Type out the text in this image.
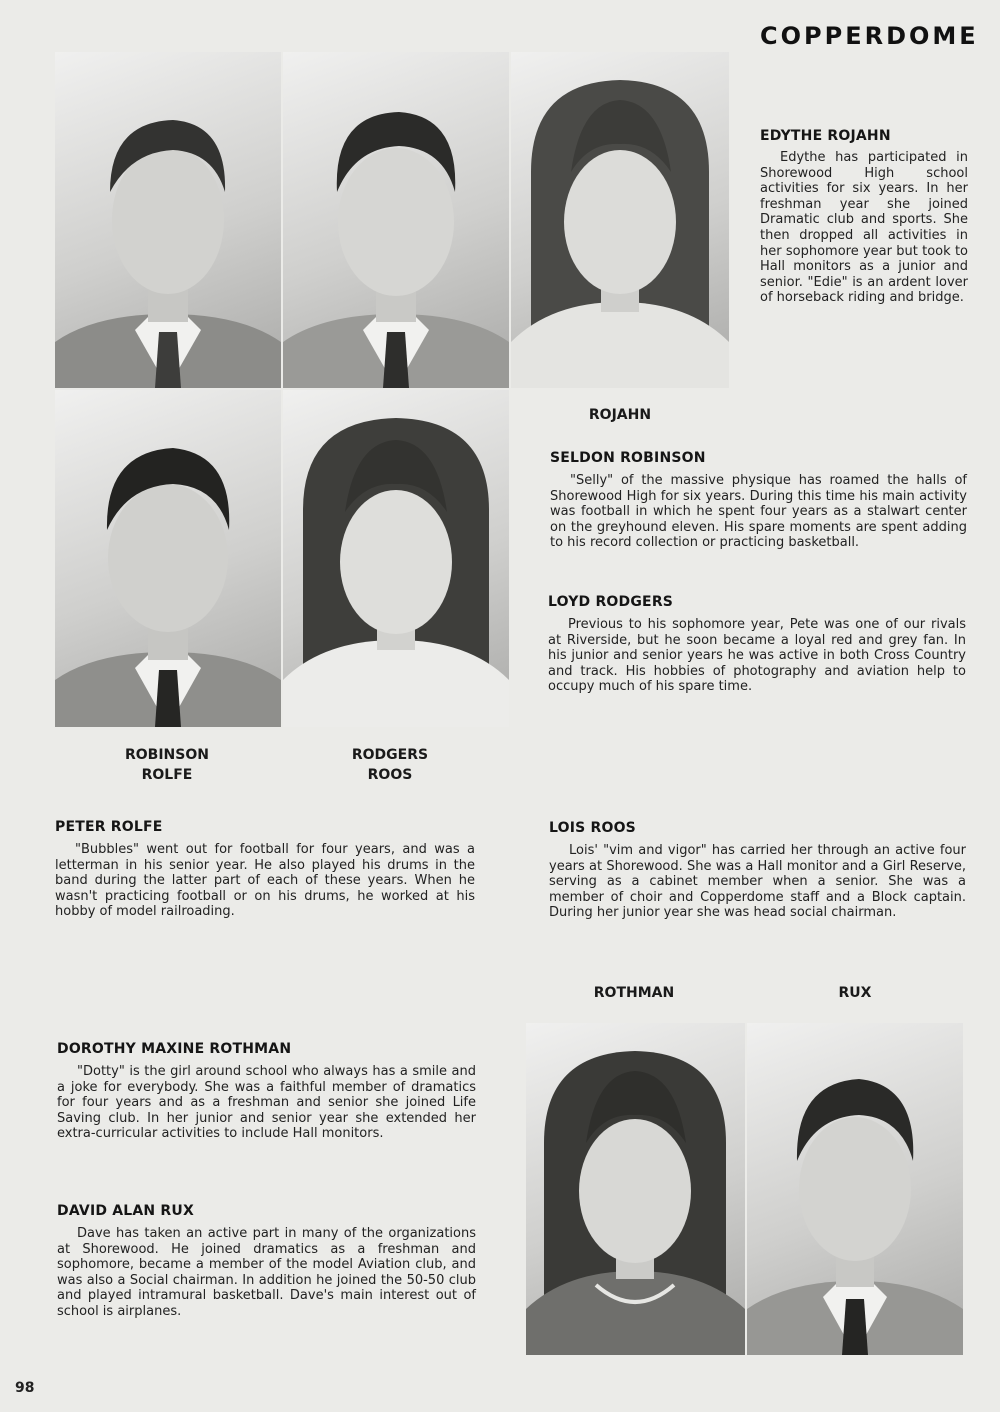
COPPERDOME
ROJAHN
ROBINSON
ROLFE
RODGERS
ROOS
ROTHMAN	RUX
EDYTHE ROJAHN

Edythe has participated in Shorewood High school activities for six years. In her freshman year she joined Dramatic club and sports. She then dropped all activities in her sophomore year but took to Hall monitors as a junior and senior. "Edie" is an ardent lover of horseback riding and bridge.

SELDON ROBINSON

"Selly" of the massive physique has roamed the halls of Shorewood High for six years. During this time his main activity was football in which he spent four years as a stalwart center on the greyhound eleven. His spare moments are spent adding to his record collection or practicing basketball.

LOYD RODGERS

Previous to his sophomore year, Pete was one of our rivals at Riverside, but he soon became a loyal red and grey fan. In his junior and senior years he was active in both Cross Country and track. His hobbies of photography and aviation help to occupy much of his spare time.

PETER ROLFE

"Bubbles" went out for football for four years, and was a letterman in his senior year. He also played his drums in the band during the latter part of each of these years. When he wasn't practicing football or on his drums, he worked at his hobby of model railroading.

LOIS ROOS

Lois' "vim and vigor" has carried her through an active four years at Shorewood. She was a Hall monitor and a Girl Reserve, serving as a cabinet member when a senior. She was a member of choir and Copperdome staff and a Block captain. During her junior year she was head social chairman.

DOROTHY MAXINE ROTHMAN

"Dotty" is the girl around school who always has a smile and a joke for everybody. She was a faithful member of dramatics for four years and as a freshman and senior she joined Life Saving club. In her junior and senior year she extended her extra-curricular activities to include Hall monitors.

DAVID ALAN RUX

Dave has taken an active part in many of the organizations at Shorewood. He joined dramatics as a freshman and sophomore, became a member of the model Aviation club, and was also a Social chairman. In addition he joined the 50-50 club and played intramural basketball. Dave's main interest out of school is airplanes.

98
